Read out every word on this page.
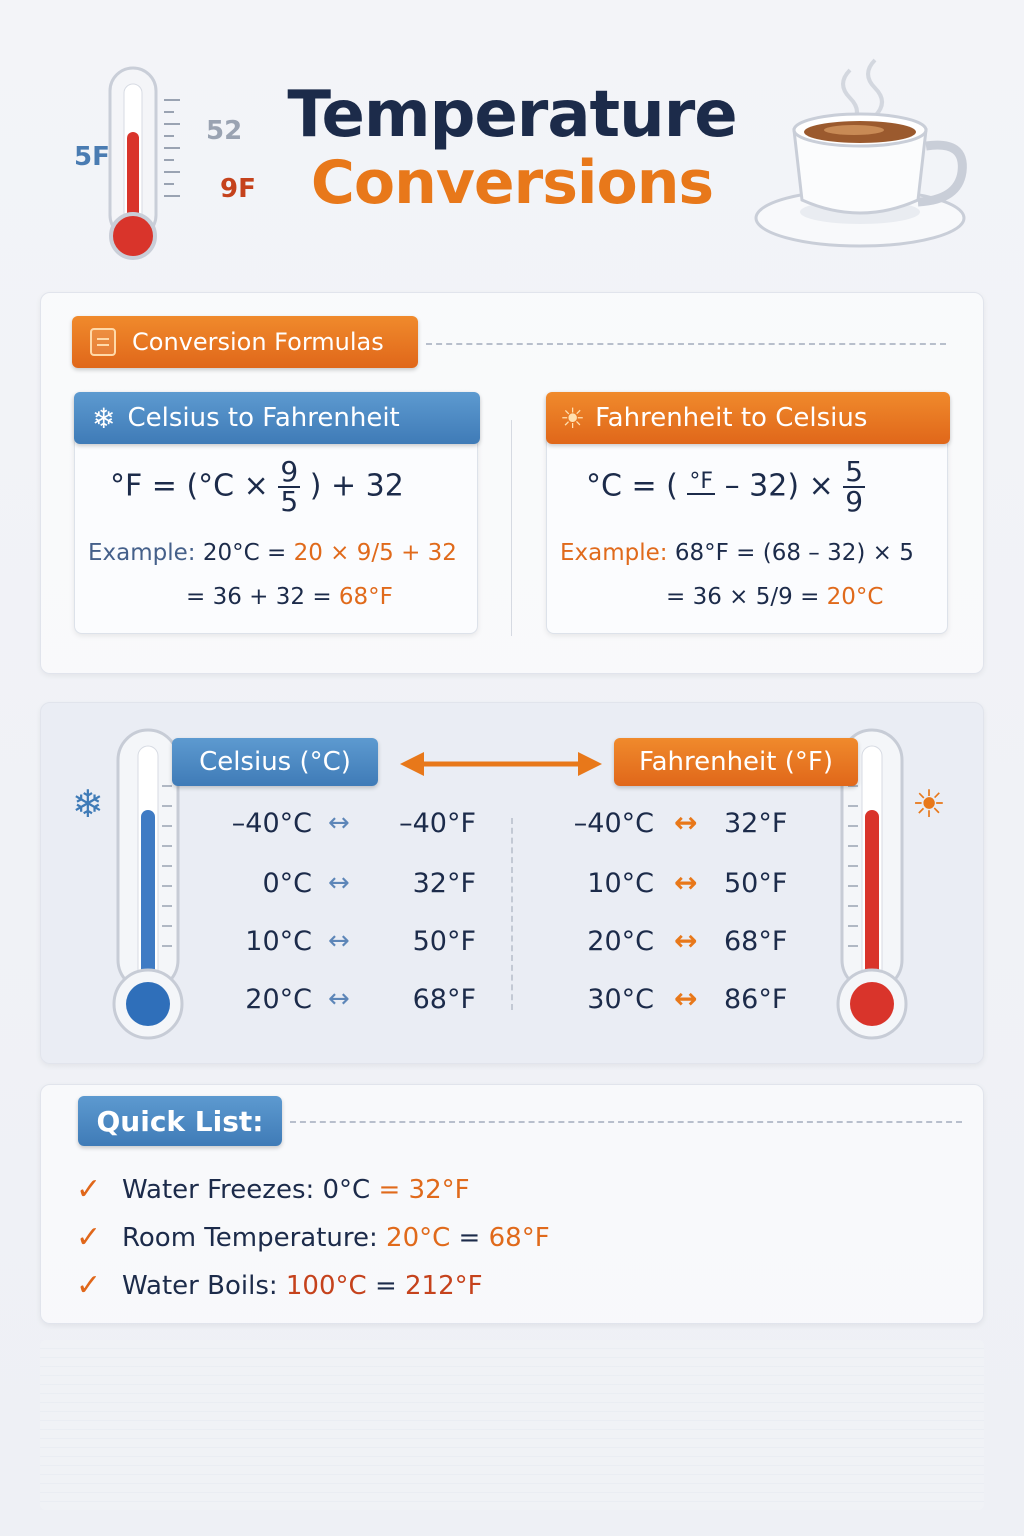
5F
52
9F
Temperature
Conversions
Conversion Formulas
❄ Celsius to Fahrenheit
$^\circ F = (^\circ C \times \frac{9}{5}$ ) + 32
Example: 20°C = 20 × 9/5 + 32
= 36 + 32 = 68°F
☀ Fahrenheit to Celsius
°C = ( $^\circ F - 32) \times \frac{5}{9}$
Example: 68°F = (68 – 32) × 5
= 36 × 5/9 = 20°C
❄	☀
Celsius (°C)	Fahrenheit (°F)
–40°C ↔	–40°F
0°C ↔	32°F
10°C ↔	50°F
20°C ↔	68°F
–40°C ↔ 32°F
10°C ↔ 50°F
20°C ↔ 68°F
30°C ↔ 86°F
Quick List:
✓ Water Freezes:
0°C
=
32°F
✓ Room Temperature:
20°C
=
68°F
✓ Water Boils:
100°C
=
212°F
